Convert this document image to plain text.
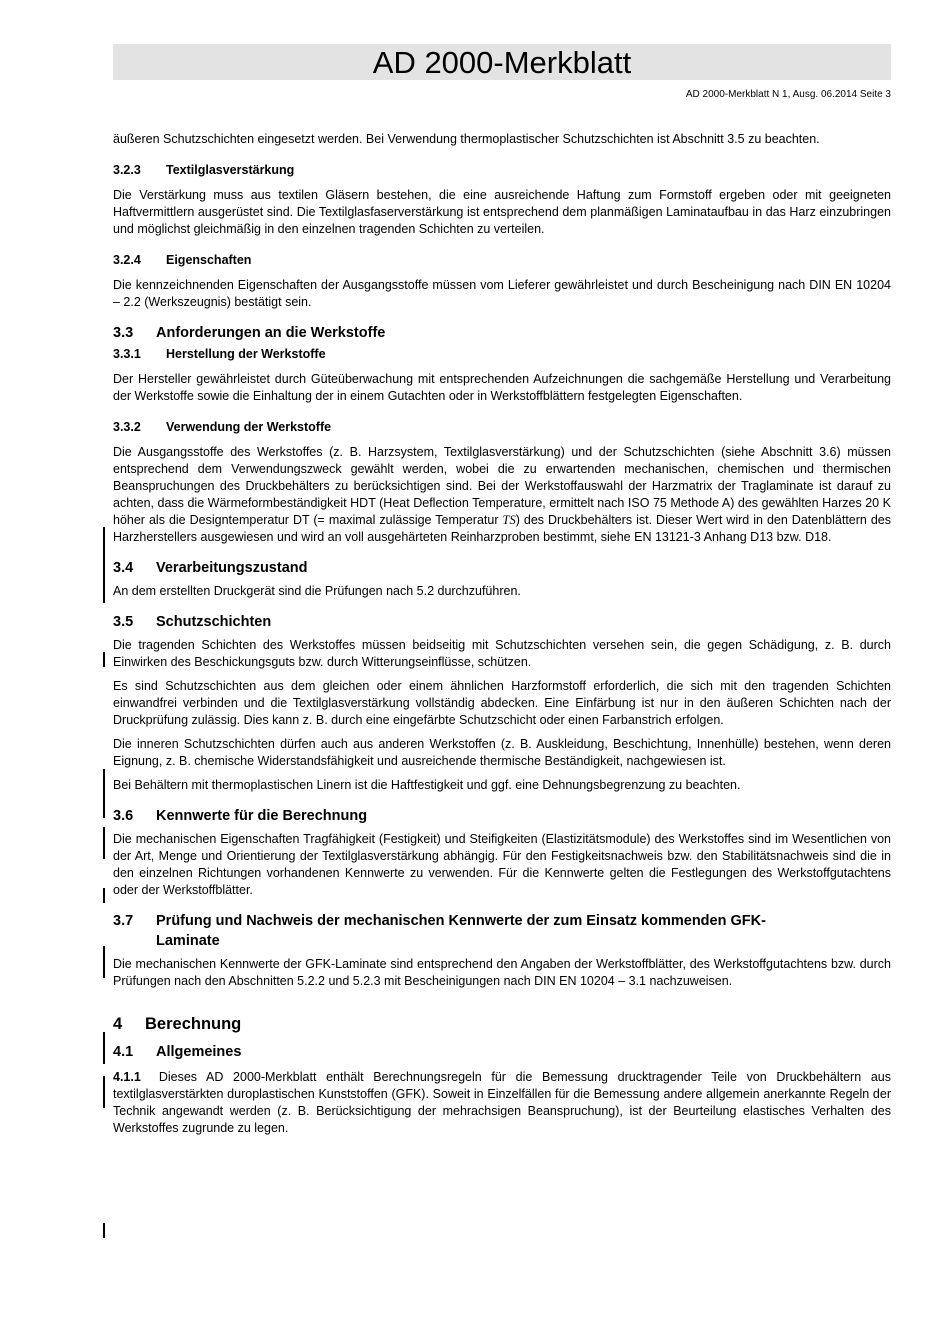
AD 2000-Merkblatt
AD 2000-Merkblatt N 1, Ausg. 06.2014 Seite 3

äußeren Schutzschichten eingesetzt werden. Bei Verwendung thermoplastischer Schutzschichten ist Abschnitt 3.5 zu beachten.

3.2.3 Textilglasverstärkung

Die Verstärkung muss aus textilen Gläsern bestehen, die eine ausreichende Haftung zum Formstoff ergeben oder mit geeigneten Haftvermittlern ausgerüstet sind. Die Textilglasfaserverstärkung ist entsprechend dem planmäßigen Laminataufbau in das Harz einzubringen und möglichst gleichmäßig in den einzelnen tragenden Schichten zu verteilen.

3.2.4 Eigenschaften

Die kennzeichnenden Eigenschaften der Ausgangsstoffe müssen vom Lieferer gewährleistet und durch Bescheinigung nach DIN EN 10204 – 2.2 (Werkszeugnis) bestätigt sein.

3.3 Anforderungen an die Werkstoffe
3.3.1 Herstellung der Werkstoffe

Der Hersteller gewährleistet durch Güteüberwachung mit entsprechenden Aufzeichnungen die sachgemäße Herstellung und Verarbeitung der Werkstoffe sowie die Einhaltung der in einem Gutachten oder in Werkstoffblättern festgelegten Eigenschaften.

3.3.2 Verwendung der Werkstoffe

Die Ausgangsstoffe des Werkstoffes (z. B. Harzsystem, Textilglasverstärkung) und der Schutzschichten (siehe Abschnitt 3.6) müssen entsprechend dem Verwendungszweck gewählt werden, wobei die zu erwartenden mechanischen, chemischen und thermischen Beanspruchungen des Druckbehälters zu berücksichtigen sind. Bei der Werkstoffauswahl der Harzmatrix der Traglaminate ist darauf zu achten, dass die Wärmeformbeständigkeit HDT (Heat Deflection Temperature, ermittelt nach ISO 75 Methode A) des gewählten Harzes 20 K höher als die Designtemperatur DT (= maximal zulässige Temperatur TS) des Druckbehälters ist. Dieser Wert wird in den Datenblättern des Harzherstellers ausgewiesen und wird an voll ausgehärteten Reinharzproben bestimmt, siehe EN 13121-3 Anhang D13 bzw. D18.

3.4 Verarbeitungszustand

An dem erstellten Druckgerät sind die Prüfungen nach 5.2 durchzuführen.

3.5 Schutzschichten

Die tragenden Schichten des Werkstoffes müssen beidseitig mit Schutzschichten versehen sein, die gegen Schädigung, z. B. durch Einwirken des Beschickungsguts bzw. durch Witterungseinflüsse, schützen.

Es sind Schutzschichten aus dem gleichen oder einem ähnlichen Harzformstoff erforderlich, die sich mit den tragenden Schichten einwandfrei verbinden und die Textilglasverstärkung vollständig abdecken. Eine Einfärbung ist nur in den äußeren Schichten nach der Druckprüfung zulässig. Dies kann z. B. durch eine eingefärbte Schutzschicht oder einen Farbanstrich erfolgen.

Die inneren Schutzschichten dürfen auch aus anderen Werkstoffen (z. B. Auskleidung, Beschichtung, Innenhülle) bestehen, wenn deren Eignung, z. B. chemische Widerstandsfähigkeit und ausreichende thermische Beständigkeit, nachgewiesen ist.

Bei Behältern mit thermoplastischen Linern ist die Haftfestigkeit und ggf. eine Dehnungsbegrenzung zu beachten.

3.6 Kennwerte für die Berechnung

Die mechanischen Eigenschaften Tragfähigkeit (Festigkeit) und Steifigkeiten (Elastizitätsmodule) des Werkstoffes sind im Wesentlichen von der Art, Menge und Orientierung der Textilglasverstärkung abhängig. Für den Festigkeitsnachweis bzw. den Stabilitätsnachweis sind die in den einzelnen Richtungen vorhandenen Kennwerte zu verwenden. Für die Kennwerte gelten die Festlegungen des Werkstoffgutachtens oder der Werkstoffblätter.

3.7	Prüfung und Nachweis der mechanischen Kennwerte der zum Einsatz kommenden GFK-Laminate

Die mechanischen Kennwerte der GFK-Laminate sind entsprechend den Angaben der Werkstoffblätter, des Werkstoffgutachtens bzw. durch Prüfungen nach den Abschnitten 5.2.2 und 5.2.3 mit Bescheinigungen nach DIN EN 10204 – 3.1 nachzuweisen.

4 Berechnung
4.1 Allgemeines

4.1.1 Dieses AD 2000-Merkblatt enthält Berechnungsregeln für die Bemessung drucktragender Teile von Druckbehältern aus textilglasverstärkten duroplastischen Kunststoffen (GFK). Soweit in Einzelfällen für die Bemessung andere allgemein anerkannte Regeln der Technik angewandt werden (z. B. Berücksichtigung der mehrachsigen Beanspruchung), ist der Beurteilung elastisches Verhalten des Werkstoffes zugrunde zu legen.
